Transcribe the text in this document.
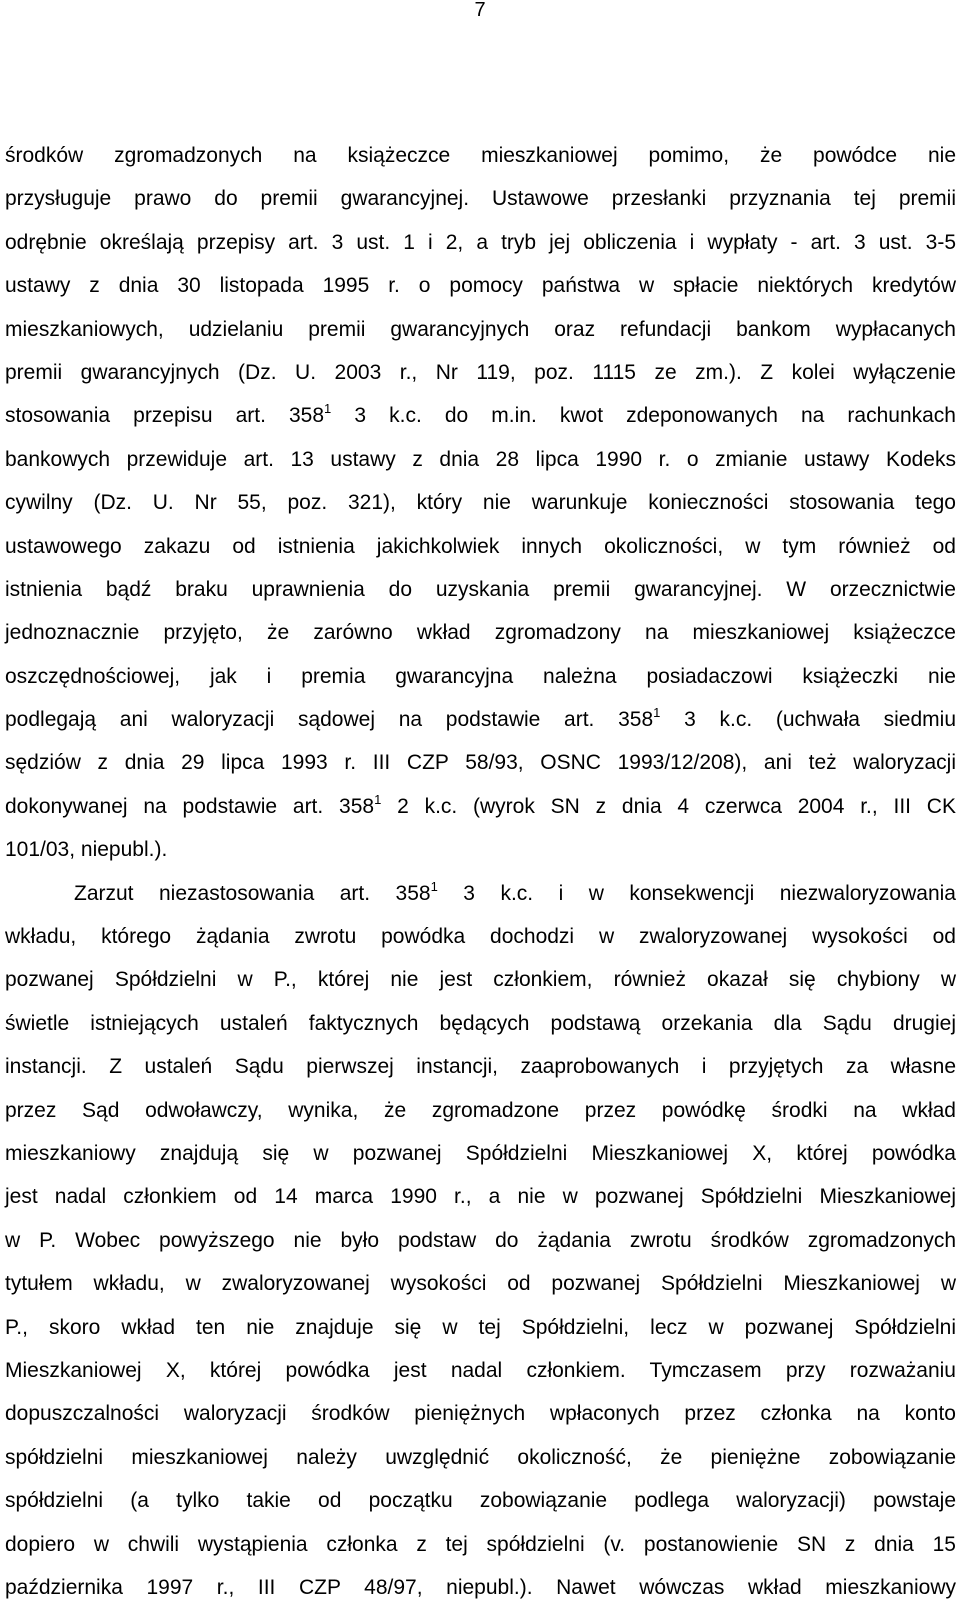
7
środków zgromadzonych na książeczce mieszkaniowej pomimo, że powódce nie
przysługuje prawo do premii gwarancyjnej. Ustawowe przesłanki przyznania tej premii
odrębnie określają przepisy art. 3 ust. 1 i 2, a tryb jej obliczenia i wypłaty - art. 3 ust. 3-5
ustawy z dnia 30 listopada 1995 r. o pomocy państwa w spłacie niektórych kredytów
mieszkaniowych, udzielaniu premii gwarancyjnych oraz refundacji bankom wypłacanych
premii gwarancyjnych (Dz. U. 2003 r., Nr 119, poz. 1115 ze zm.). Z kolei wyłączenie
stosowania przepisu art. $358^1$ 3 k.c. do m.in. kwot zdeponowanych na rachunkach
bankowych przewiduje art. 13 ustawy z dnia 28 lipca 1990 r. o zmianie ustawy Kodeks
cywilny (Dz. U. Nr 55, poz. 321), który nie warunkuje konieczności stosowania tego
ustawowego zakazu od istnienia jakichkolwiek innych okoliczności, w tym również od
istnienia bądź braku uprawnienia do uzyskania premii gwarancyjnej. W orzecznictwie
jednoznacznie przyjęto, że zarówno wkład zgromadzony na mieszkaniowej książeczce
oszczędnościowej, jak i premia gwarancyjna należna posiadaczowi książeczki nie
podlegają ani waloryzacji sądowej na podstawie art. $358^1$ 3 k.c. (uchwała siedmiu
sędziów z dnia 29 lipca 1993 r. III CZP 58/93, OSNC 1993/12/208), ani też waloryzacji
dokonywanej na podstawie art. $358^1$ 2 k.c. (wyrok SN z dnia 4 czerwca 2004 r., III CK
101/03, niepubl.).
Zarzut niezastosowania art. $358^1$ 3 k.c. i w konsekwencji niezwaloryzowania
wkładu, którego żądania zwrotu powódka dochodzi w zwaloryzowanej wysokości od
pozwanej Spółdzielni w P., której nie jest członkiem, również okazał się chybiony w
świetle istniejących ustaleń faktycznych będących podstawą orzekania dla Sądu drugiej
instancji. Z ustaleń Sądu pierwszej instancji, zaaprobowanych i przyjętych za własne
przez Sąd odwoławczy, wynika, że zgromadzone przez powódkę środki na wkład
mieszkaniowy znajdują się w pozwanej Spółdzielni Mieszkaniowej X, której powódka
jest nadal członkiem od 14 marca 1990 r., a nie w pozwanej Spółdzielni Mieszkaniowej
w P. Wobec powyższego nie było podstaw do żądania zwrotu środków zgromadzonych
tytułem wkładu, w zwaloryzowanej wysokości od pozwanej Spółdzielni Mieszkaniowej w
P., skoro wkład ten nie znajduje się w tej Spółdzielni, lecz w pozwanej Spółdzielni
Mieszkaniowej X, której powódka jest nadal członkiem. Tymczasem przy rozważaniu
dopuszczalności waloryzacji środków pieniężnych wpłaconych przez członka na konto
spółdzielni mieszkaniowej należy uwzględnić okoliczność, że pieniężne zobowiązanie
spółdzielni (a tylko takie od początku zobowiązanie podlega waloryzacji) powstaje
dopiero w chwili wystąpienia członka z tej spółdzielni (v. postanowienie SN z dnia 15
października 1997 r., III CZP 48/97, niepubl.). Nawet wówczas wkład mieszkaniowy
